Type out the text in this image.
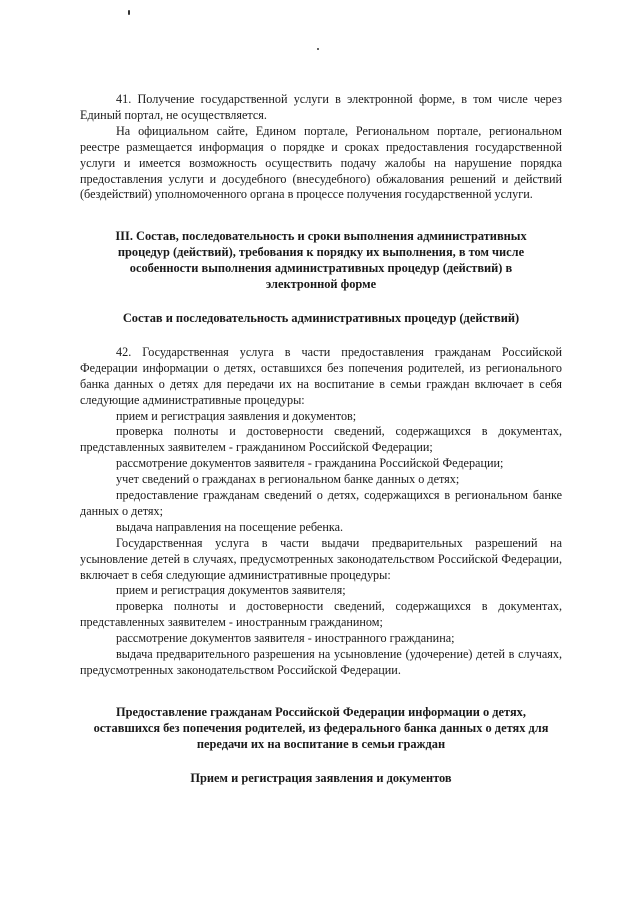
41. Получение государственной услуги в электронной форме, в том числе через Единый портал, не осуществляется.

На официальном сайте, Едином портале, Региональном портале, региональном реестре размещается информация о порядке и сроках предоставления государственной услуги и имеется возможность осуществить подачу жалобы на нарушение порядка предоставления услуги и досудебного (внесудебного) обжалования решений и действий (бездействий) уполномоченного органа в процессе получения государственной услуги.

III. Состав, последовательность и сроки выполнения административных процедур (действий), требования к порядку их выполнения, в том числе особенности выполнения административных процедур (действий) в электронной форме

Состав и последовательность административных процедур (действий)

42. Государственная услуга в части предоставления гражданам Российской Федерации информации о детях, оставшихся без попечения родителей, из регионального банка данных о детях для передачи их на воспитание в семьи граждан включает в себя следующие административные процедуры:

прием и регистрация заявления и документов;

проверка полноты и достоверности сведений, содержащихся в документах, представленных заявителем - гражданином Российской Федерации;

рассмотрение документов заявителя - гражданина Российской Федерации;

учет сведений о гражданах в региональном банке данных о детях;

предоставление гражданам сведений о детях, содержащихся в региональном банке данных о детях;

выдача направления на посещение ребенка.

Государственная услуга в части выдачи предварительных разрешений на усыновление детей в случаях, предусмотренных законодательством Российской Федерации, включает в себя следующие административные процедуры:

прием и регистрация документов заявителя;

проверка полноты и достоверности сведений, содержащихся в документах, представленных заявителем - иностранным гражданином;

рассмотрение документов заявителя - иностранного гражданина;

выдача предварительного разрешения на усыновление (удочерение) детей в случаях, предусмотренных законодательством Российской Федерации.

Предоставление гражданам Российской Федерации информации о детях, оставшихся без попечения родителей, из федерального банка данных о детях для передачи их на воспитание в семьи граждан

Прием и регистрация заявления и документов
